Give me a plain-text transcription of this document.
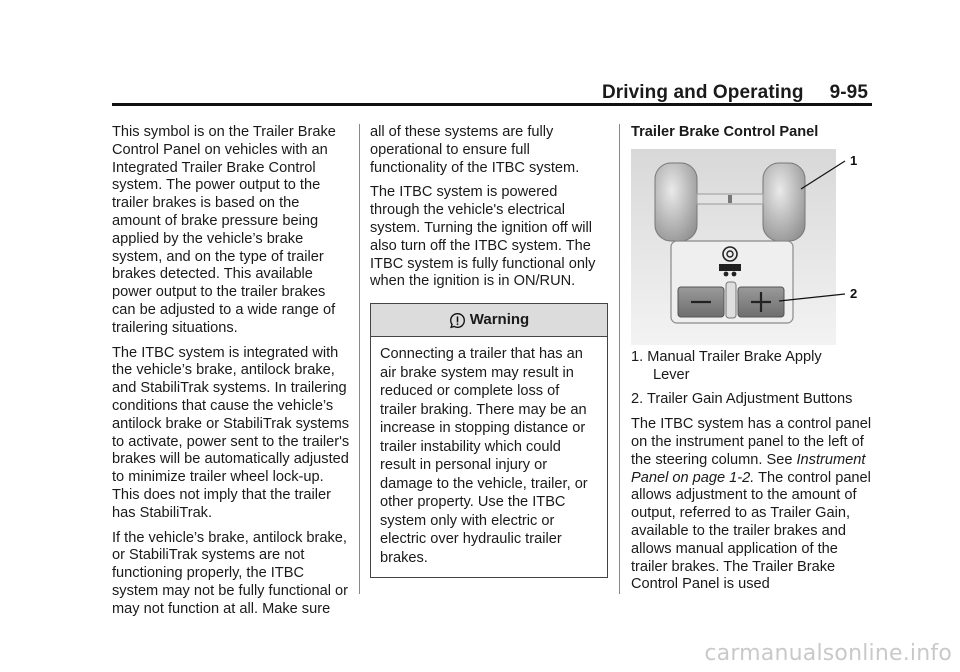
Driving and Operating 9-95

This symbol is on the Trailer Brake Control Panel on vehicles with an Integrated Trailer Brake Control system. The power output to the trailer brakes is based on the amount of brake pressure being applied by the vehicle’s brake system, and on the type of trailer brakes detected. This available power output to the trailer brakes can be adjusted to a wide range of trailering situations.

The ITBC system is integrated with the vehicle’s brake, antilock brake, and StabiliTrak systems. In trailering conditions that cause the vehicle’s antilock brake or StabiliTrak systems to activate, power sent to the trailer's brakes will be automatically adjusted to minimize trailer wheel lock-up. This does not imply that the trailer has StabiliTrak.

If the vehicle’s brake, antilock brake, or StabiliTrak systems are not functioning properly, the ITBC system may not be fully functional or may not function at all. Make sure

all of these systems are fully operational to ensure full functionality of the ITBC system.

The ITBC system is powered through the vehicle's electrical system. Turning the ignition off will also turn off the ITBC system. The ITBC system is fully functional only when the ignition is in ON/RUN.

Warning
Connecting a trailer that has an air brake system may result in reduced or complete loss of trailer braking. There may be an increase in stopping distance or trailer instability which could result in personal injury or damage to the vehicle, trailer, or other property. Use the ITBC system only with electric or electric over hydraulic trailer brakes.

Trailer Brake Control Panel

1
2
1. Manual Trailer Brake Apply
Lever
2. Trailer Gain Adjustment Buttons

The ITBC system has a control panel on the instrument panel to the left of the steering column. See Instrument Panel on page 1-2. The control panel allows adjustment to the amount of output, referred to as Trailer Gain, available to the trailer brakes and allows manual application of the trailer brakes. The Trailer Brake Control Panel is used

carmanualsonline.info
